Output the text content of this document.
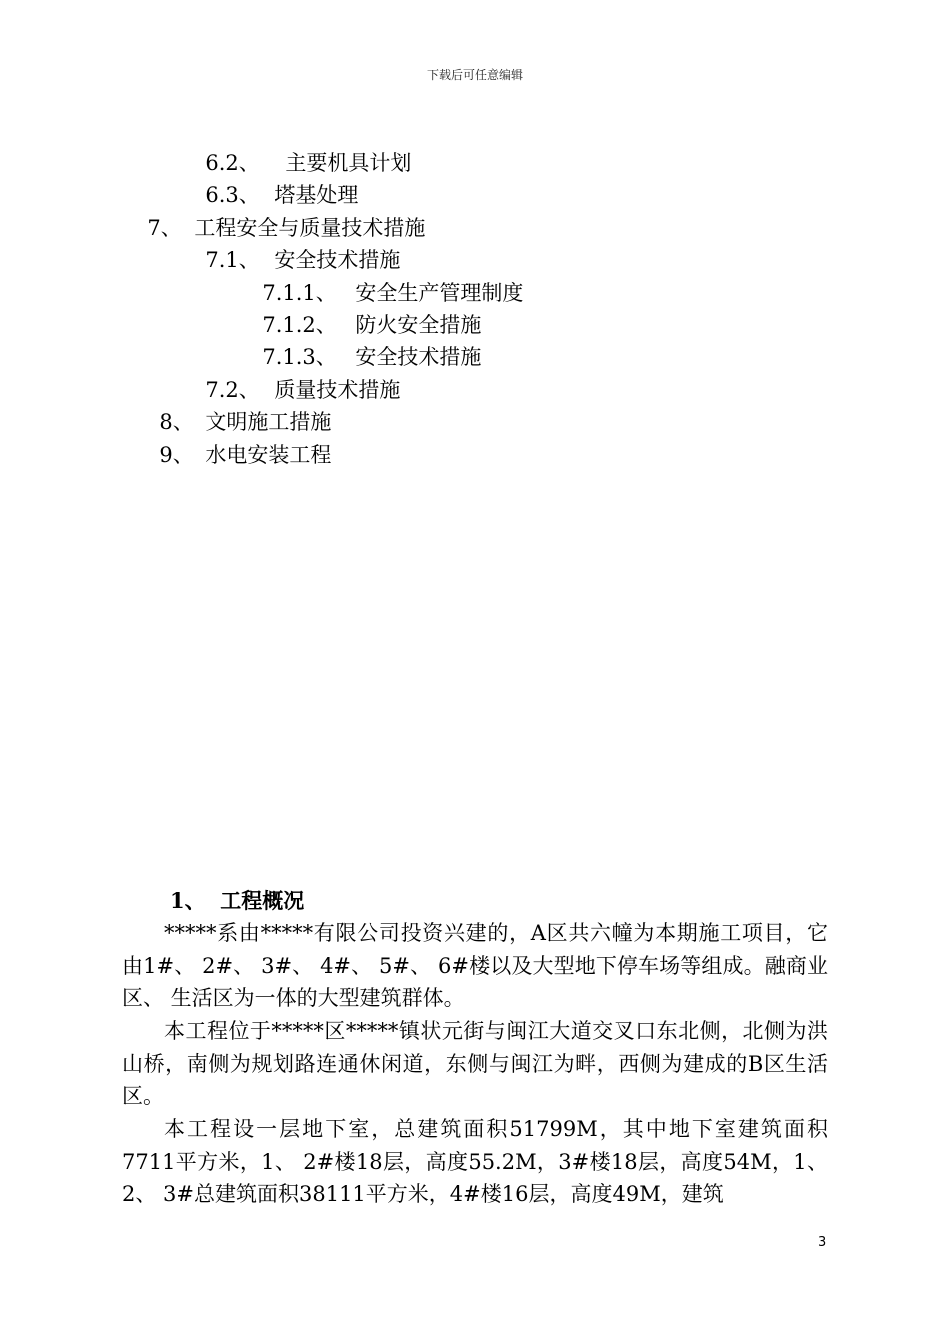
下载后可任意编辑

6.2、 主要机具计划

6.3、 塔基处理

7、 工程安全与质量技术措施

7.1、 安全技术措施

7.1.1、 安全生产管理制度

7.1.2、 防火安全措施

7.1.3、 安全技术措施

7.2、 质量技术措施

8、 文明施工措施

9、 水电安装工程

1、  工程概况

*****系由*****有限公司投资兴建的，A区共六幢为本期施工项目，它由1#、 2#、 3#、 4#、 5#、 6#楼以及大型地下停车场等组成。融商业区、 生活区为一体的大型建筑群体。

本工程位于*****区*****镇状元街与闽江大道交叉口东北侧，北侧为洪山桥，南侧为规划路连通休闲道，东侧与闽江为畔，西侧为建成的B区生活区。

本工程设一层地下室，总建筑面积51799M，其中地下室建筑面积7711平方米，1、 2#楼18层，高度55.2M，3#楼18层，高度54M，1、 2、 3#总建筑面积38111平方米，4#楼16层，高度49M，建筑

3
